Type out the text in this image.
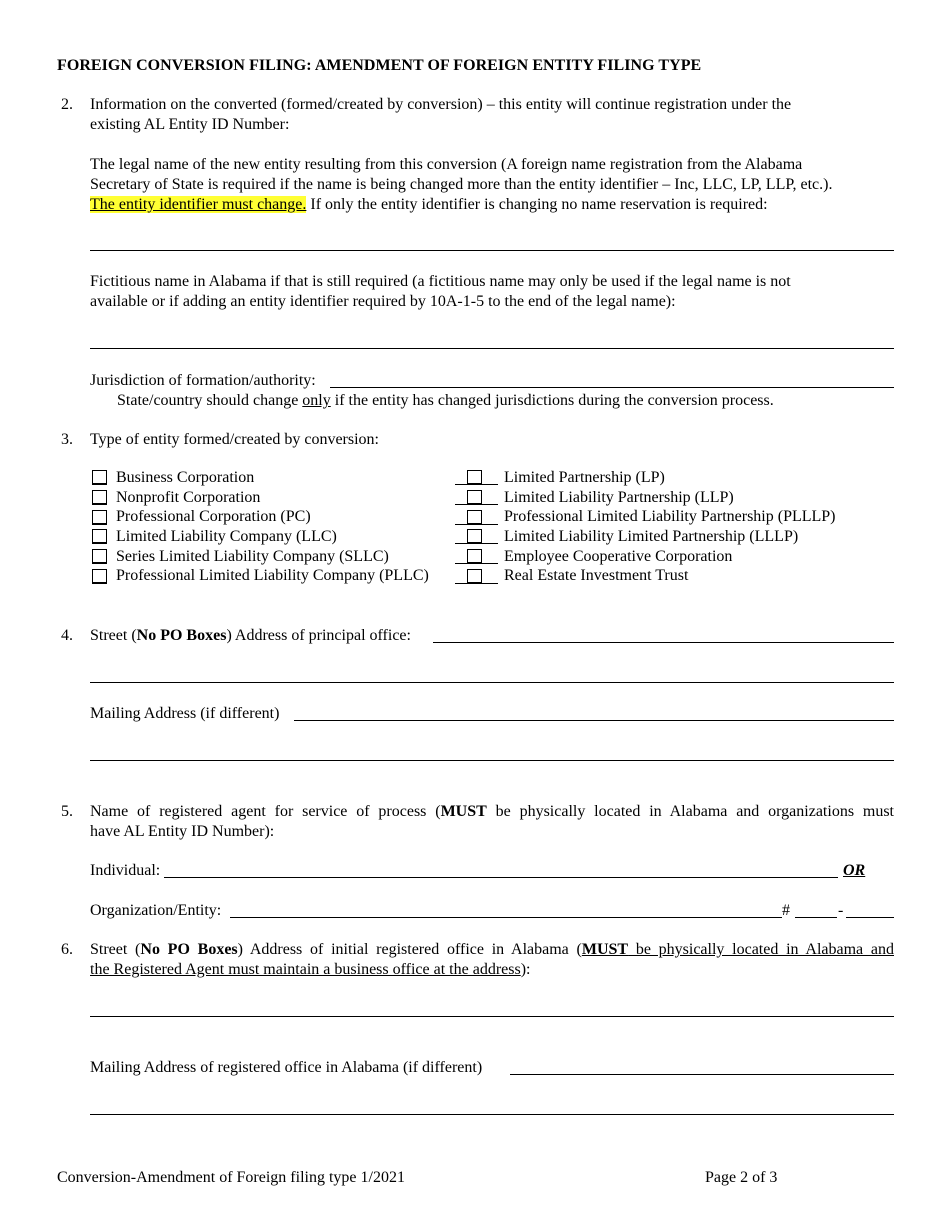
FOREIGN CONVERSION FILING: AMENDMENT OF FOREIGN ENTITY FILING TYPE
2.	Information on the converted (formed/created by conversion) – this entity will continue registration under the
existing AL Entity ID Number:
The legal name of the new entity resulting from this conversion (A foreign name registration from the Alabama
Secretary of State is required if the name is being changed more than the entity identifier – Inc, LLC, LP, LLP, etc.).
The entity identifier must change. If only the entity identifier is changing no name reservation is required:
Fictitious name in Alabama if that is still required (a fictitious name may only be used if the legal name is not
available or if adding an entity identifier required by 10A-1-5 to the end of the legal name):
Jurisdiction of formation/authority:
State/country should change only if the entity has changed jurisdictions during the conversion process.
3.	Type of entity formed/created by conversion:
Business Corporation
Nonprofit Corporation
Professional Corporation (PC)
Limited Liability Company (LLC)
Series Limited Liability Company (SLLC)
Professional Limited Liability Company (PLLC)
Limited Partnership (LP)
Limited Liability Partnership (LLP)
Professional Limited Liability Partnership (PLLLP)
Limited Liability Limited Partnership (LLLP)
Employee Cooperative Corporation
Real Estate Investment Trust
4.	Street (No PO Boxes) Address of principal office:
Mailing Address (if different)
5.	Name of registered agent for service of process (MUST be physically located in Alabama and organizations must
have AL Entity ID Number):
Individual:	OR
Organization/Entity:	#	-
6.	Street (No PO Boxes) Address of initial registered office in Alabama (MUST be physically located in Alabama and
the Registered Agent must maintain a business office at the address):
Mailing Address of registered office in Alabama (if different)
Conversion-Amendment of Foreign filing type 1/2021	Page 2 of 3
